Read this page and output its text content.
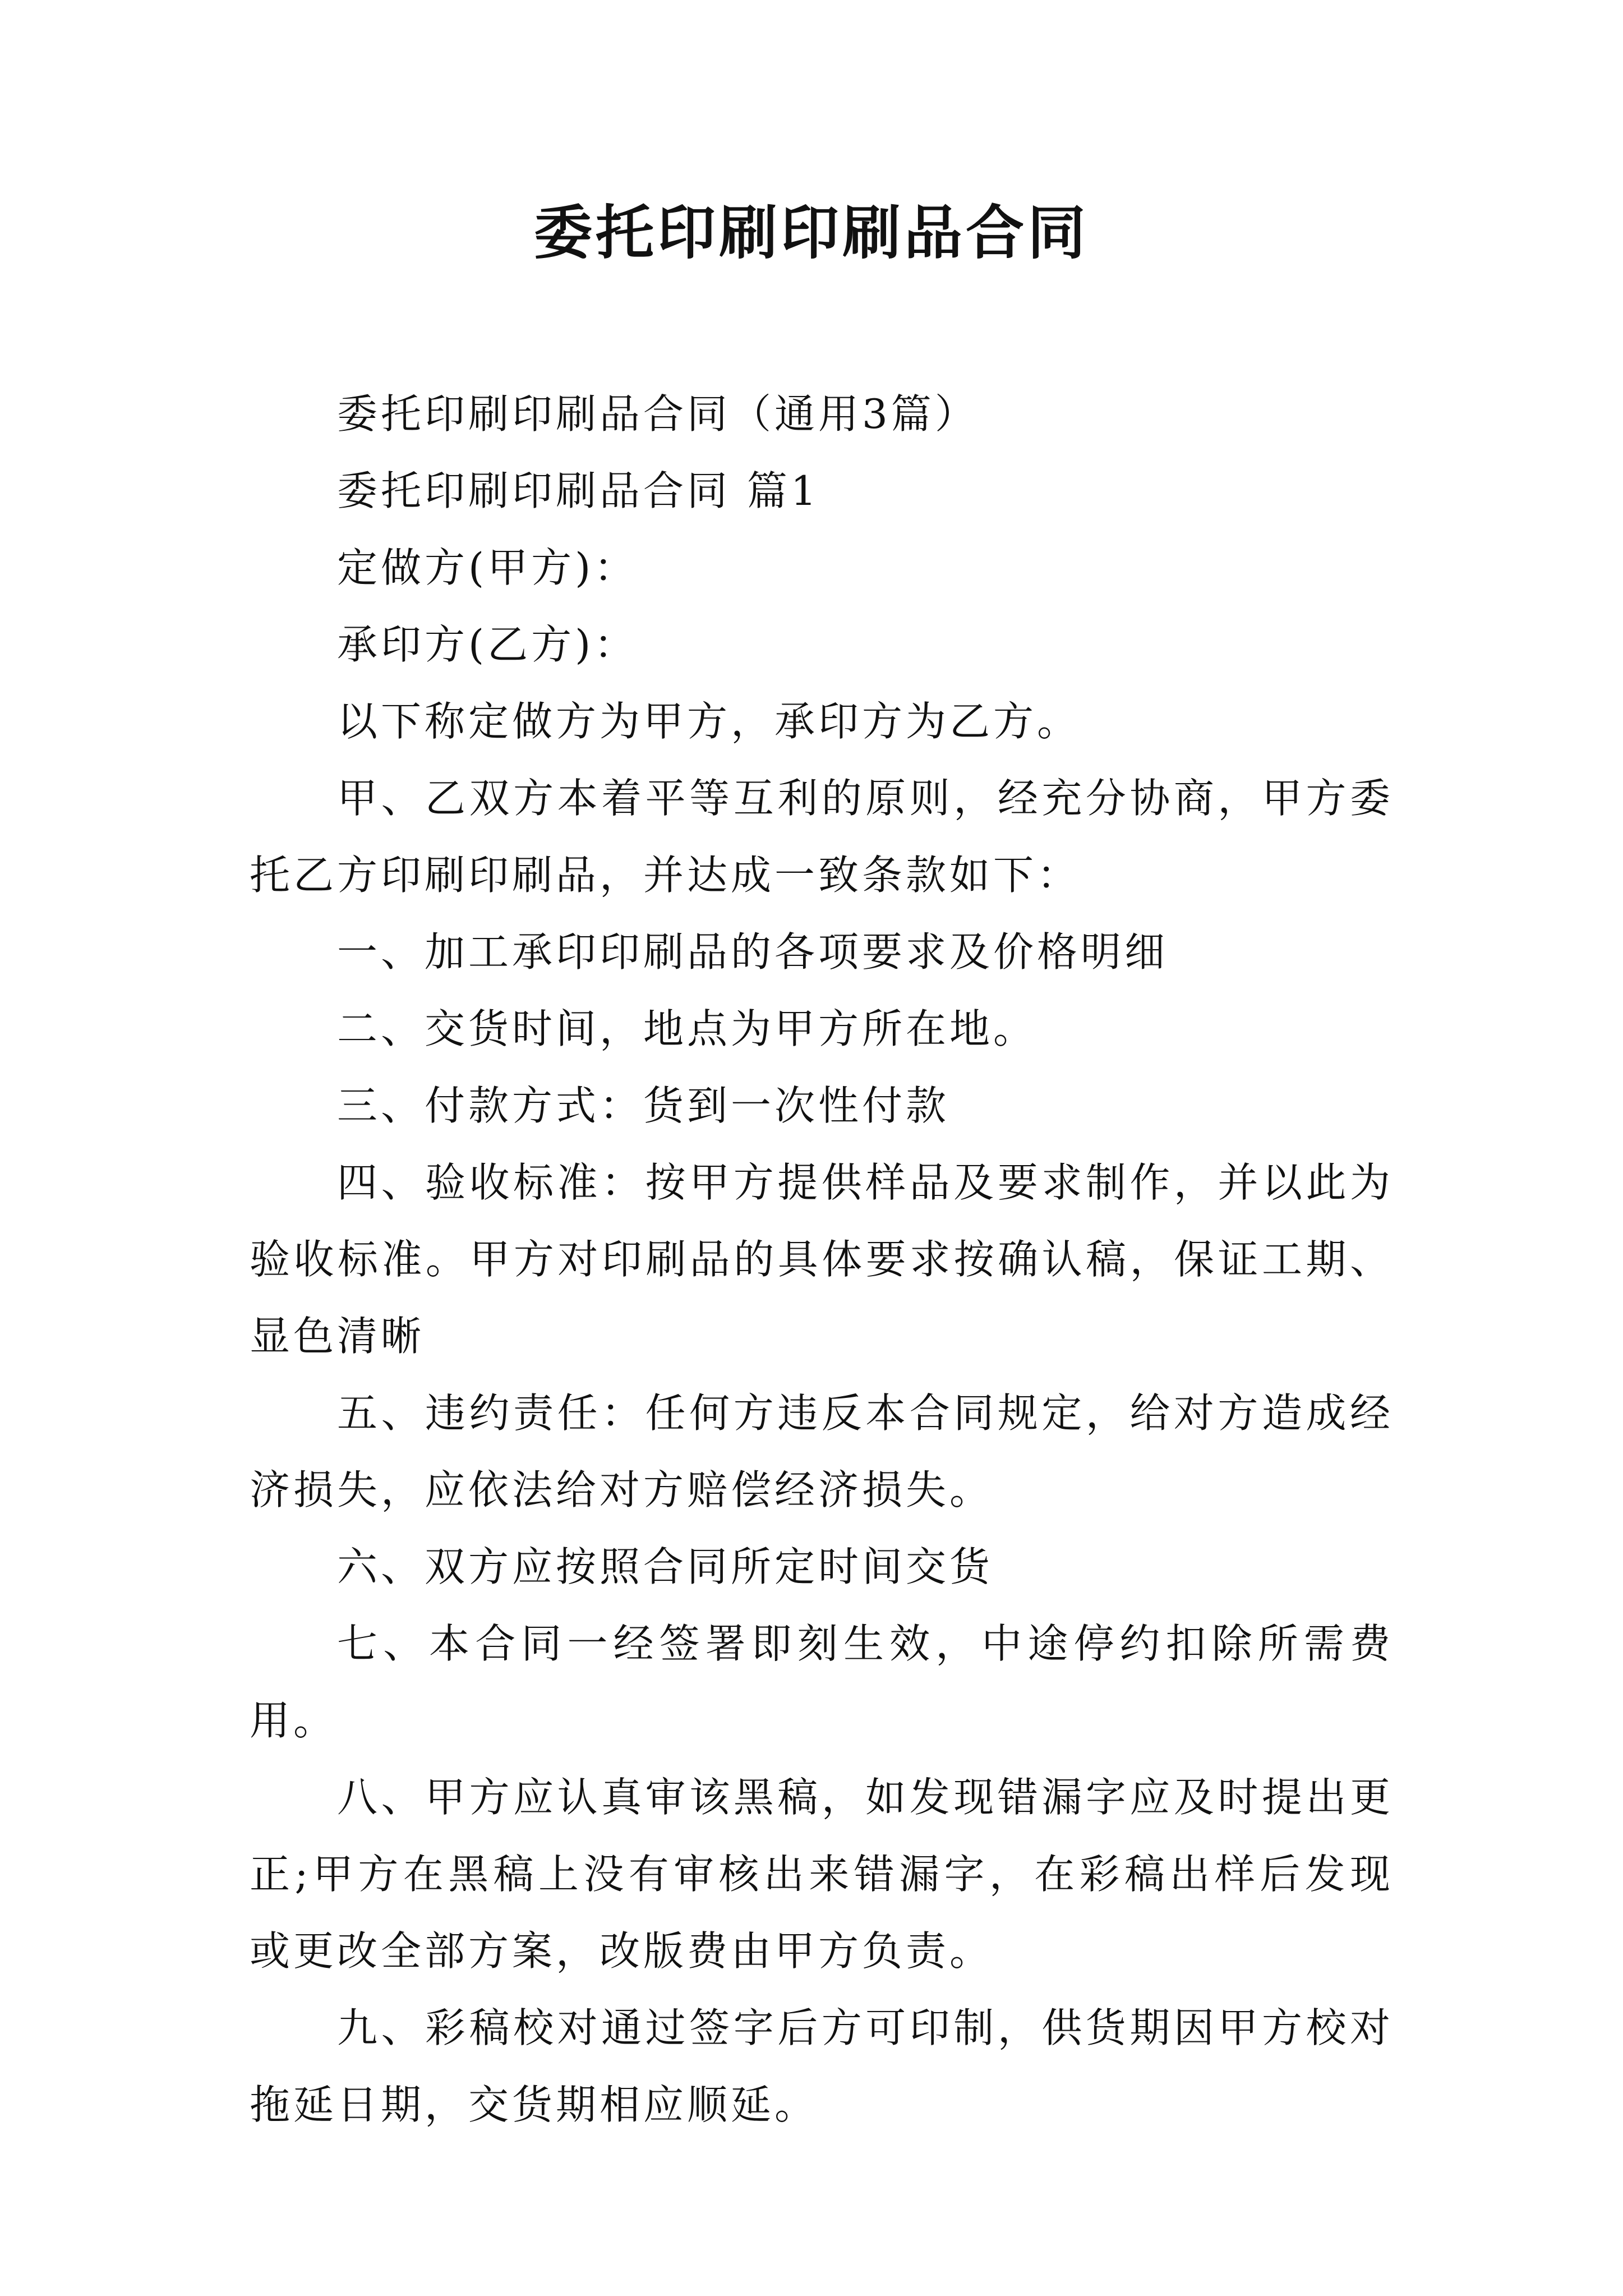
委托印刷印刷品合同

委托印刷印刷品合同（通用3篇）

委托印刷印刷品合同 篇1

定做方(甲方)：

承印方(乙方)：

以下称定做方为甲方，承印方为乙方。

甲、乙双方本着平等互利的原则，经充分协商，甲方委托乙方印刷印刷品，并达成一致条款如下：

一、加工承印印刷品的各项要求及价格明细

二、交货时间，地点为甲方所在地。

三、付款方式：货到一次性付款

四、验收标准：按甲方提供样品及要求制作，并以此为验收标准。甲方对印刷品的具体要求按确认稿，保证工期、显色清晰

五、违约责任：任何方违反本合同规定，给对方造成经济损失，应依法给对方赔偿经济损失。

六、双方应按照合同所定时间交货

七、本合同一经签署即刻生效，中途停约扣除所需费用。

八、甲方应认真审该黑稿，如发现错漏字应及时提出更正;甲方在黑稿上没有审核出来错漏字，在彩稿出样后发现或更改全部方案，改版费由甲方负责。

九、彩稿校对通过签字后方可印制，供货期因甲方校对拖延日期，交货期相应顺延。
